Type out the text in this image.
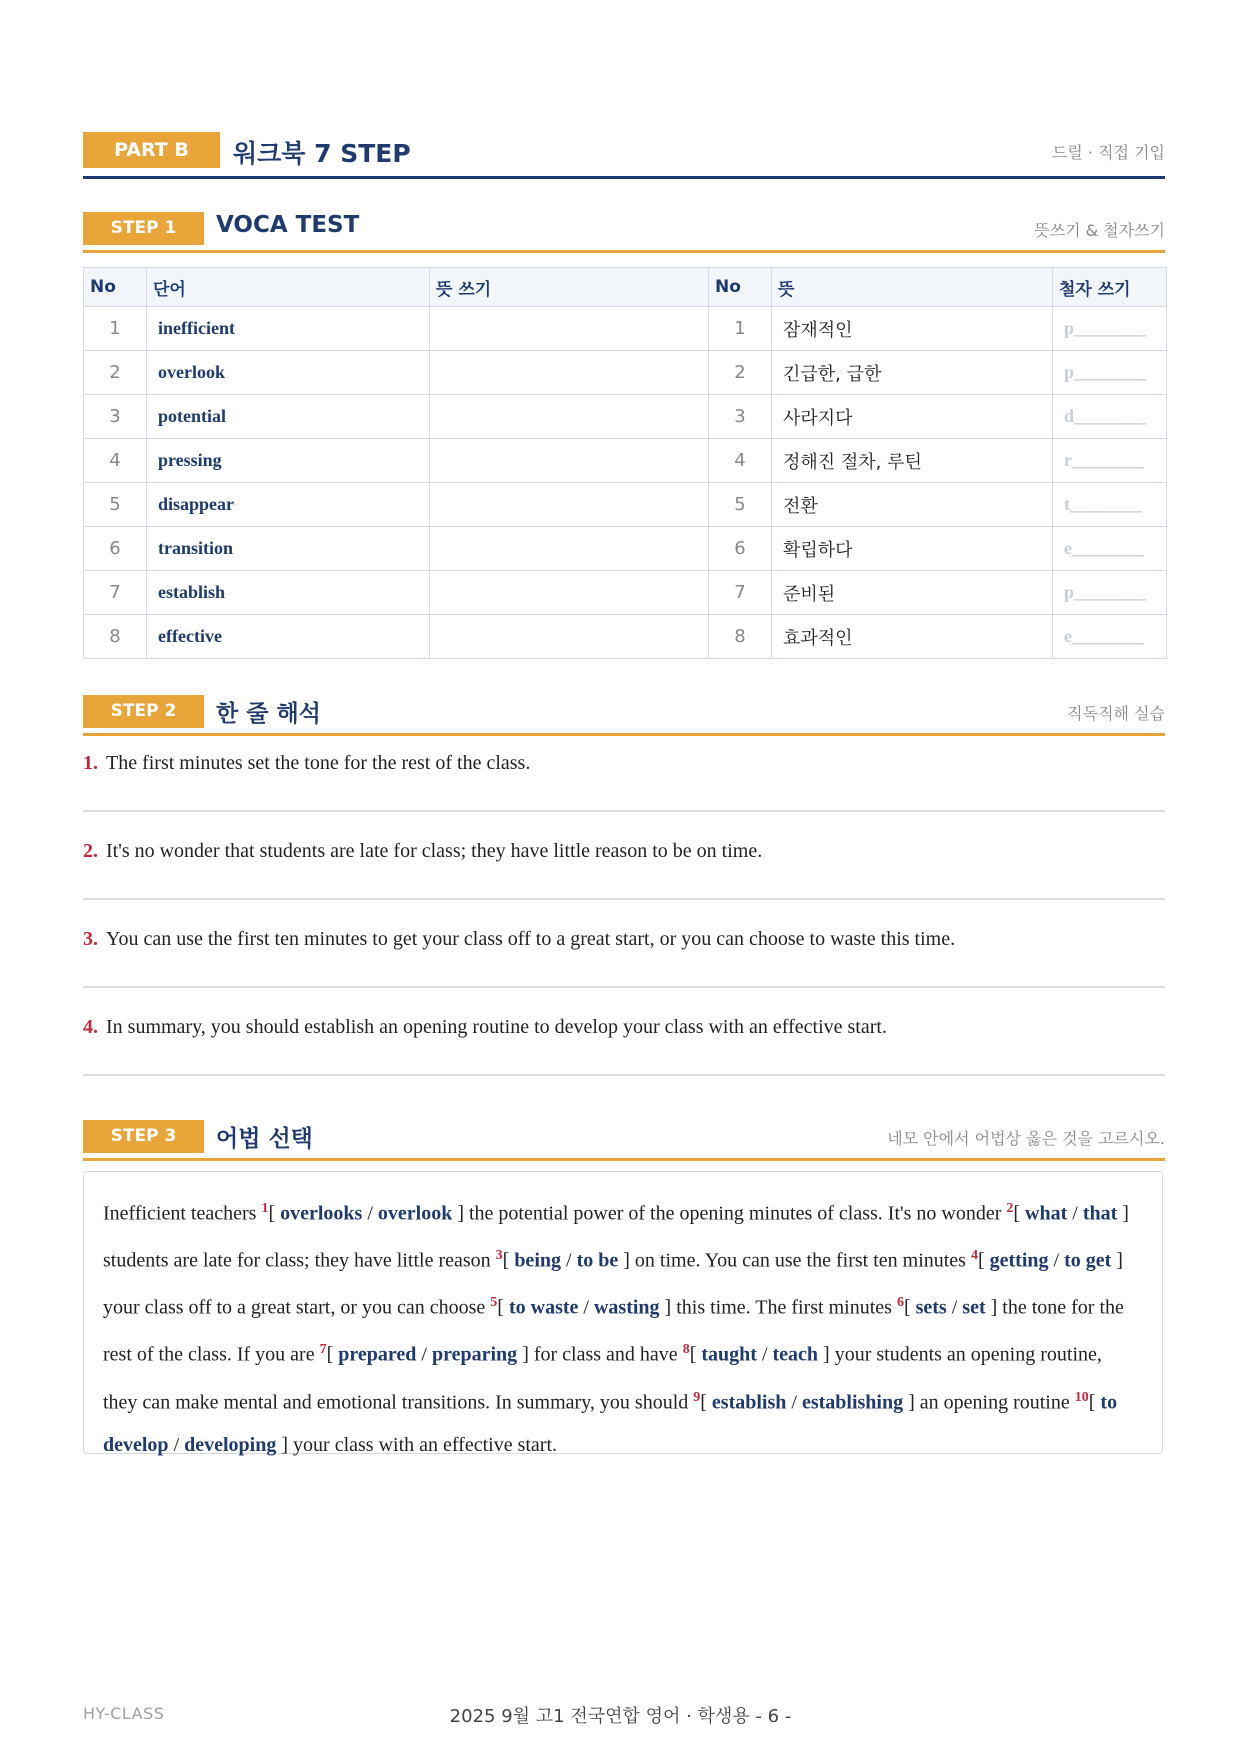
PART B	워크북 7 STEP	드릴 · 직접 기입
STEP 1	VOCA TEST	뜻쓰기 & 철자쓰기
No	단어	뜻 쓰기	No	뜻	철자 쓰기
1	inefficient		1	잠재적인	p________
2	overlook		2	긴급한, 급한	p________
3	potential		3	사라지다	d________
4	pressing		4	정해진 절차, 루틴	r________
5	disappear		5	전환	t________
6	transition		6	확립하다	e________
7	establish		7	준비된	p________
8	effective		8	효과적인	e________
STEP 2	한 줄 해석	직독직해 실습
1. The first minutes set the tone for the rest of the class.
2. It's no wonder that students are late for class; they have little reason to be on time.
3. You can use the first ten minutes to get your class off to a great start, or you can choose to waste this time.
4. In summary, you should establish an opening routine to develop your class with an effective start.
STEP 3	어법 선택	네모 안에서 어법상 옳은 것을 고르시오.
Inefficient teachers $^1$[ overlooks / overlook ] the potential power of the opening minutes of class. It's no wonder $^2$[ what / that ] students are late for class; they have little reason $^3$[ being / to be ] on time. You can use the first ten minutes $^4$[ getting / to get ] your class off to a great start, or you can choose $^5$[ to waste / wasting ] this time. The first minutes $^6$[ sets / set ] the tone for the rest of the class. If you are $^7$[ prepared / preparing ] for class and have $^8$[ taught / teach ] your students an opening routine, they can make mental and emotional transitions. In summary, you should $^9$[ establish / establishing ] an opening routine $^{10}$[ to develop / developing ] your class with an effective start.
HY-CLASS	2025 9월 고1 전국연합 영어 · 학생용 - 6 -
